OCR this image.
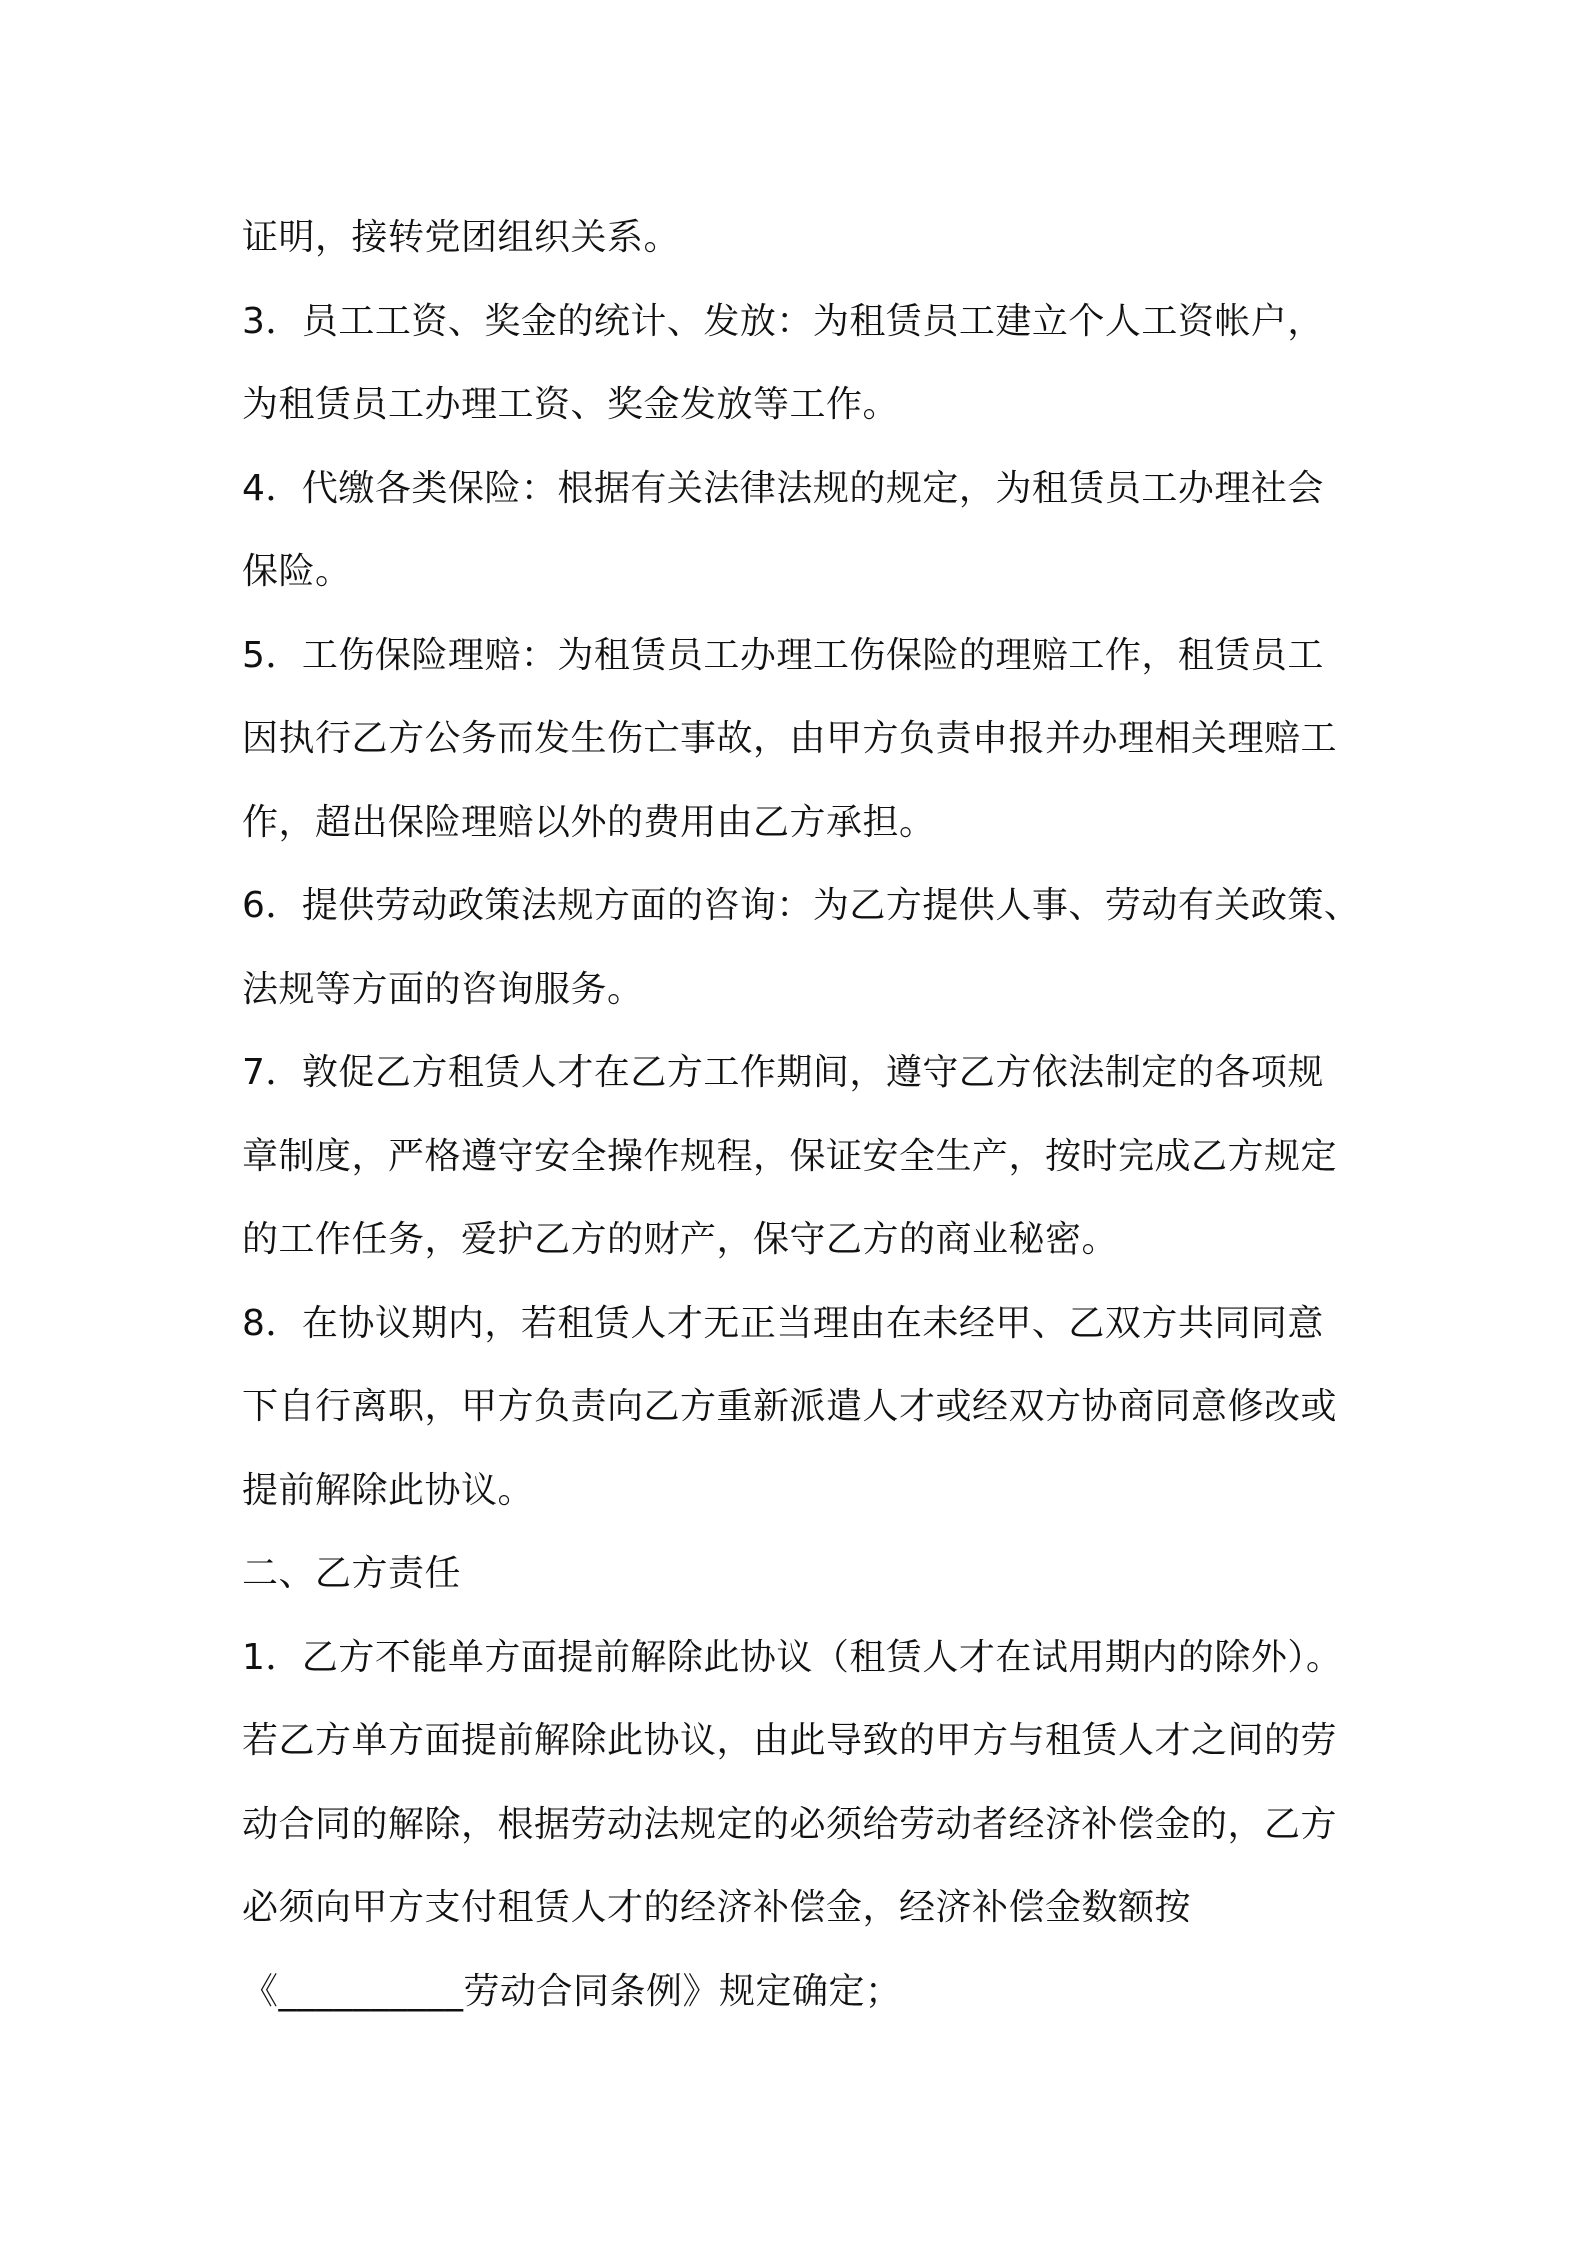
证明，接转党团组织关系。
3．员工工资、奖金的统计、发放：为租赁员工建立个人工资帐户，
为租赁员工办理工资、奖金发放等工作。
4．代缴各类保险：根据有关法律法规的规定，为租赁员工办理社会
保险。
5．工伤保险理赔：为租赁员工办理工伤保险的理赔工作，租赁员工
因执行乙方公务而发生伤亡事故，由甲方负责申报并办理相关理赔工
作，超出保险理赔以外的费用由乙方承担。
6．提供劳动政策法规方面的咨询：为乙方提供人事、劳动有关政策、
法规等方面的咨询服务。
7．敦促乙方租赁人才在乙方工作期间，遵守乙方依法制定的各项规
章制度，严格遵守安全操作规程，保证安全生产，按时完成乙方规定
的工作任务，爱护乙方的财产，保守乙方的商业秘密。
8．在协议期内，若租赁人才无正当理由在未经甲、乙双方共同同意
下自行离职，甲方负责向乙方重新派遣人才或经双方协商同意修改或
提前解除此协议。
二、乙方责任
1．乙方不能单方面提前解除此协议（租赁人才在试用期内的除外）。
若乙方单方面提前解除此协议，由此导致的甲方与租赁人才之间的劳
动合同的解除，根据劳动法规定的必须给劳动者经济补偿金的，乙方
必须向甲方支付租赁人才的经济补偿金，经济补偿金数额按
《__________劳动合同条例》规定确定；
